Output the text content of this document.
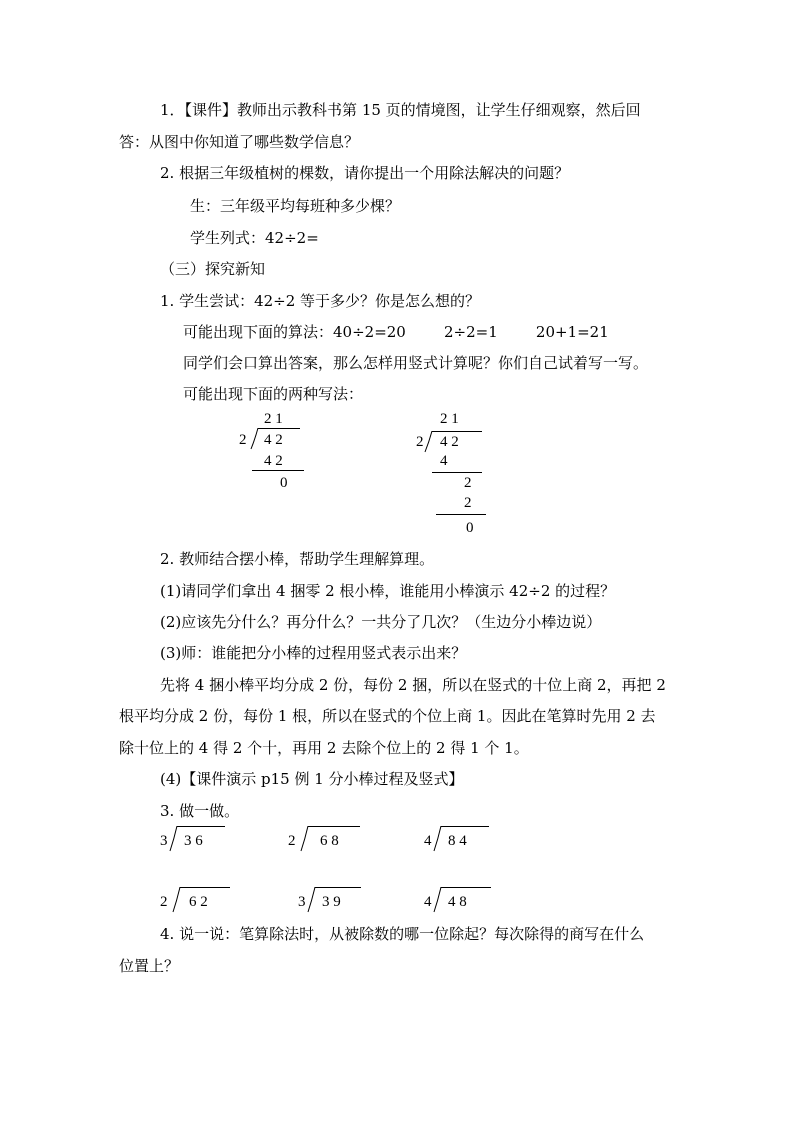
1．【课件】教师出示教科书第 15 页的情境图，让学生仔细观察，然后回
答：从图中你知道了哪些数学信息？
2. 根据三年级植树的棵数，请你提出一个用除法解决的问题？
生：三年级平均每班种多少棵？
学生列式：42÷2=
（三）探究新知
1. 学生尝试：42÷2 等于多少？你是怎么想的？
可能出现下面的算法：40÷2=20        2÷2=1        20+1=21
同学们会口算出答案，那么怎样用竖式计算呢？你们自己试着写一写。
可能出现下面的两种写法：
2 1
2 4 2
4 2
0
2 1
2 4 2
4
2
2
0
2. 教师结合摆小棒，帮助学生理解算理。
(1)请同学们拿出 4 捆零 2 根小棒，谁能用小棒演示 42÷2 的过程？
(2)应该先分什么？再分什么？一共分了几次？（生边分小棒边说）
(3)师：谁能把分小棒的过程用竖式表示出来？
先将 4 捆小棒平均分成 2 份，每份 2 捆，所以在竖式的十位上商 2，再把 2
根平均分成 2 份，每份 1 根，所以在竖式的个位上商 1。因此在笔算时先用 2 去
除十位上的 4 得 2 个十，再用 2 去除个位上的 2 得 1 个 1。
(4)【课件演示 p15 例 1 分小棒过程及竖式】
3. 做一做。
3 3 6	2 6 8	4 8 4
2 6 2	3 3 9	4 4 8
4. 说一说：笔算除法时，从被除数的哪一位除起？每次除得的商写在什么
位置上？
